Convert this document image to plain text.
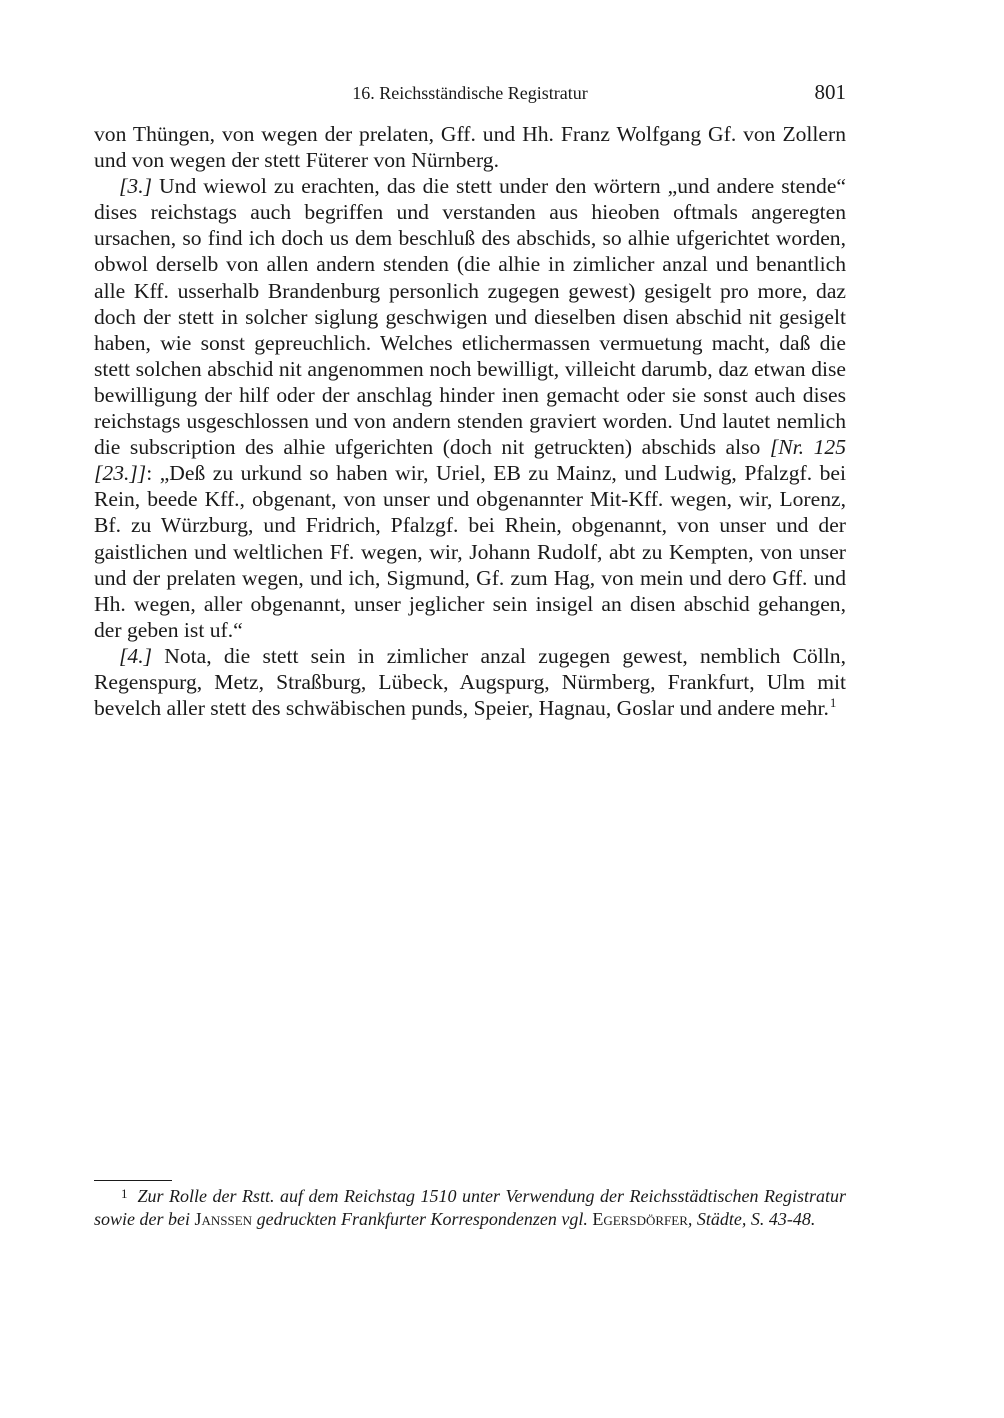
16. Reichsständische Registratur	801

von Thüngen, von wegen der prelaten, Gff. und Hh. Franz Wolfgang Gf. von Zollern und von wegen der stett Füterer von Nürnberg.

[3.] Und wiewol zu erachten, das die stett under den wörtern „und andere stende“ dises reichstags auch begriffen und verstanden aus hieoben oftmals angeregten ursachen, so find ich doch us dem beschluß des abschids, so alhie ufgerichtet worden, obwol derselb von allen andern stenden (die alhie in zimlicher anzal und benantlich alle Kff. usserhalb Brandenburg personlich zugegen gewest) gesigelt pro more, daz doch der stett in solcher siglung geschwigen und dieselben disen abschid nit gesigelt haben, wie sonst gepreuchlich. Welches etlichermassen vermuetung macht, daß die stett solchen abschid nit angenommen noch bewilligt, villeicht darumb, daz etwan dise bewilligung der hilf oder der anschlag hinder inen gemacht oder sie sonst auch dises reichstags usgeschlossen und von andern stenden graviert worden. Und lautet nemlich die subscription des alhie ufgerichten (doch nit getruckten) abschids also [Nr. 125 [23.]]: „Deß zu urkund so haben wir, Uriel, EB zu Mainz, und Ludwig, Pfalzgf. bei Rein, beede Kff., obgenant, von unser und obgenannter Mit-Kff. wegen, wir, Lorenz, Bf. zu Würzburg, und Fridrich, Pfalzgf. bei Rhein, obgenannt, von unser und der gaistlichen und weltlichen Ff. wegen, wir, Johann Rudolf, abt zu Kempten, von unser und der prelaten wegen, und ich, Sigmund, Gf. zum Hag, von mein und dero Gff. und Hh. wegen, aller obgenannt, unser jeglicher sein insigel an disen abschid gehangen, der geben ist uf.“

[4.] Nota, die stett sein in zimlicher anzal zugegen gewest, nemblich Cölln, Regenspurg, Metz, Straßburg, Lübeck, Augspurg, Nürmberg, Frankfurt, Ulm mit bevelch aller stett des schwäbischen punds, Speier, Hagnau, Goslar und andere mehr.$^1$

1 Zur Rolle der Rstt. auf dem Reichstag 1510 unter Verwendung der Reichsstädtischen Registratur sowie der bei Janssen gedruckten Frankfurter Korrespondenzen vgl. Egersdörfer, Städte, S. 43-48.
